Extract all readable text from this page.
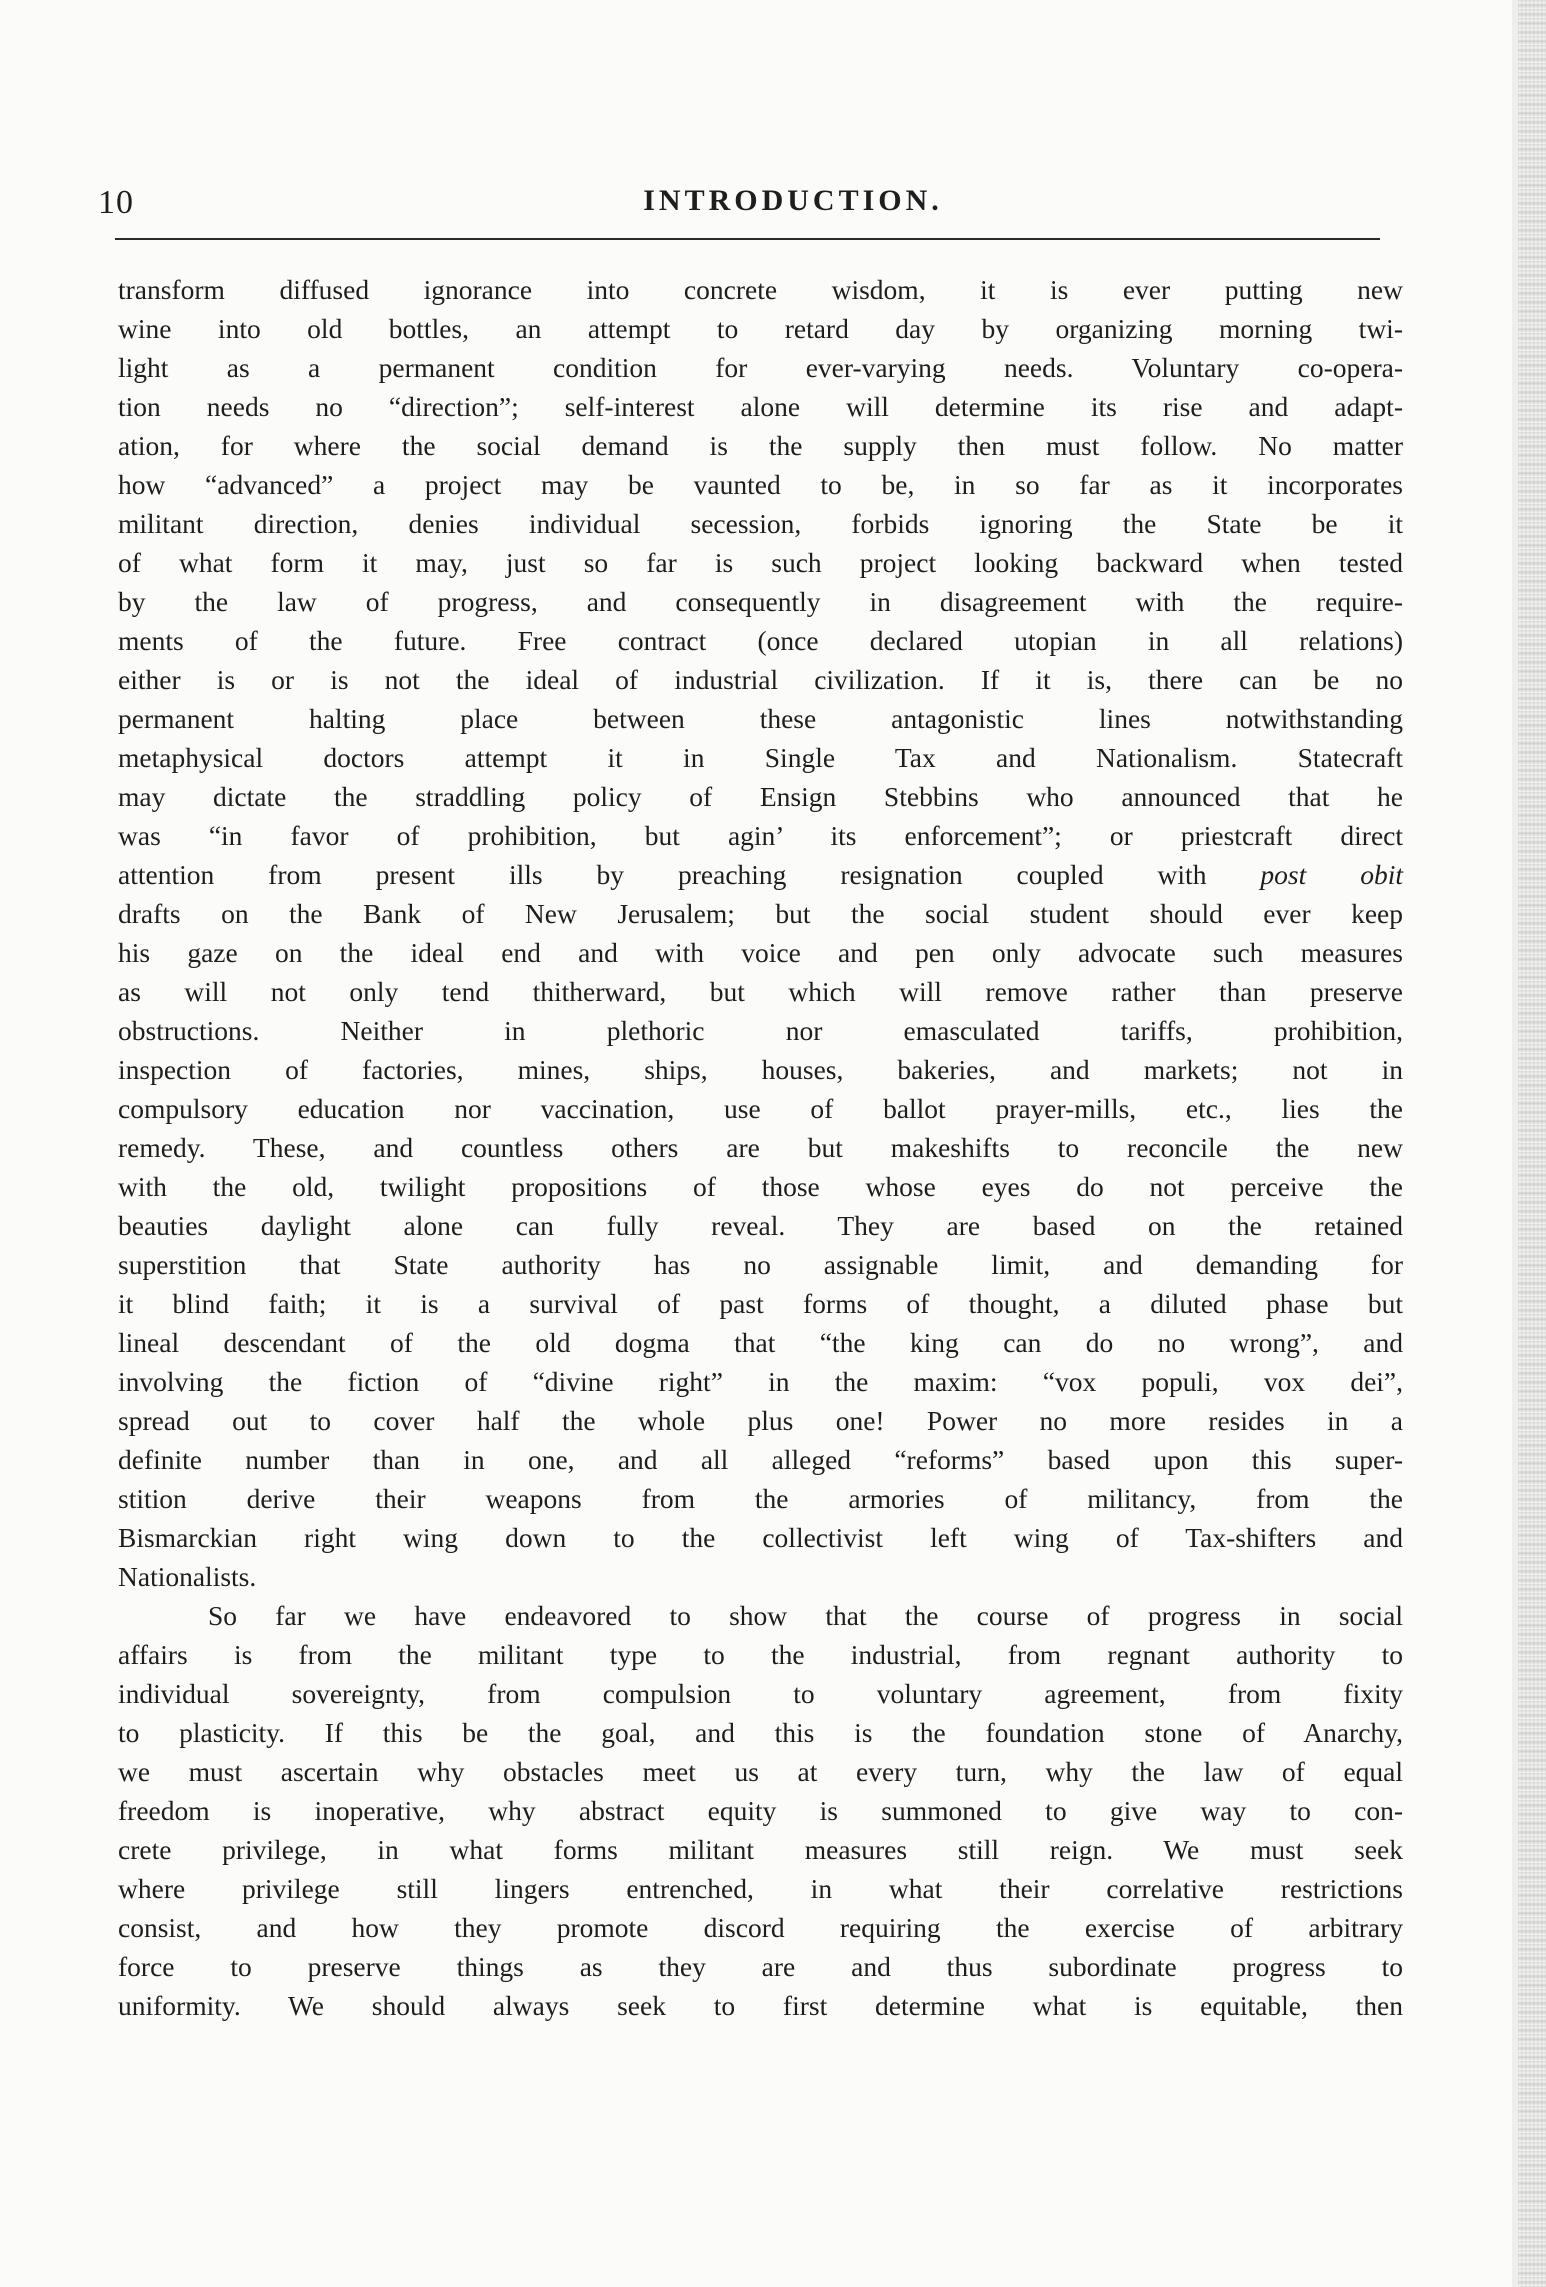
10	INTRODUCTION.
transform diffused ignorance into concrete wisdom, it is ever putting new
wine into old bottles, an attempt to retard day by organizing morning twi-
light as a permanent condition for ever-varying needs. Voluntary co-opera-
tion needs no “direction”; self-interest alone will determine its rise and adapt-
ation, for where the social demand is the supply then must follow. No matter
how “advanced” a project may be vaunted to be, in so far as it incorporates
militant direction, denies individual secession, forbids ignoring the State be it
of what form it may, just so far is such project looking backward when tested
by the law of progress, and consequently in disagreement with the require-
ments of the future. Free contract (once declared utopian in all relations)
either is or is not the ideal of industrial civilization. If it is, there can be no
permanent halting place between these antagonistic lines notwithstanding
metaphysical doctors attempt it in Single Tax and Nationalism. Statecraft
may dictate the straddling policy of Ensign Stebbins who announced that he
was “in favor of prohibition, but agin’ its enforcement”; or priestcraft direct
attention from present ills by preaching resignation coupled with post obit
drafts on the Bank of New Jerusalem; but the social student should ever keep
his gaze on the ideal end and with voice and pen only advocate such measures
as will not only tend thitherward, but which will remove rather than preserve
obstructions. Neither in plethoric nor emasculated tariffs, prohibition,
inspection of factories, mines, ships, houses, bakeries, and markets; not in
compulsory education nor vaccination, use of ballot prayer-mills, etc., lies the
remedy. These, and countless others are but makeshifts to reconcile the new
with the old, twilight propositions of those whose eyes do not perceive the
beauties daylight alone can fully reveal. They are based on the retained
superstition that State authority has no assignable limit, and demanding for
it blind faith; it is a survival of past forms of thought, a diluted phase but
lineal descendant of the old dogma that “the king can do no wrong”, and
involving the fiction of “divine right” in the maxim: “vox populi, vox dei”,
spread out to cover half the whole plus one! Power no more resides in a
definite number than in one, and all alleged “reforms” based upon this super-
stition derive their weapons from the armories of militancy, from the
Bismarckian right wing down to the collectivist left wing of Tax-shifters and
Nationalists.
So far we have endeavored to show that the course of progress in social
affairs is from the militant type to the industrial, from regnant authority to
individual sovereignty, from compulsion to voluntary agreement, from fixity
to plasticity. If this be the goal, and this is the foundation stone of Anarchy,
we must ascertain why obstacles meet us at every turn, why the law of equal
freedom is inoperative, why abstract equity is summoned to give way to con-
crete privilege, in what forms militant measures still reign. We must seek
where privilege still lingers entrenched, in what their correlative restrictions
consist, and how they promote discord requiring the exercise of arbitrary
force to preserve things as they are and thus subordinate progress to
uniformity. We should always seek to first determine what is equitable, then
